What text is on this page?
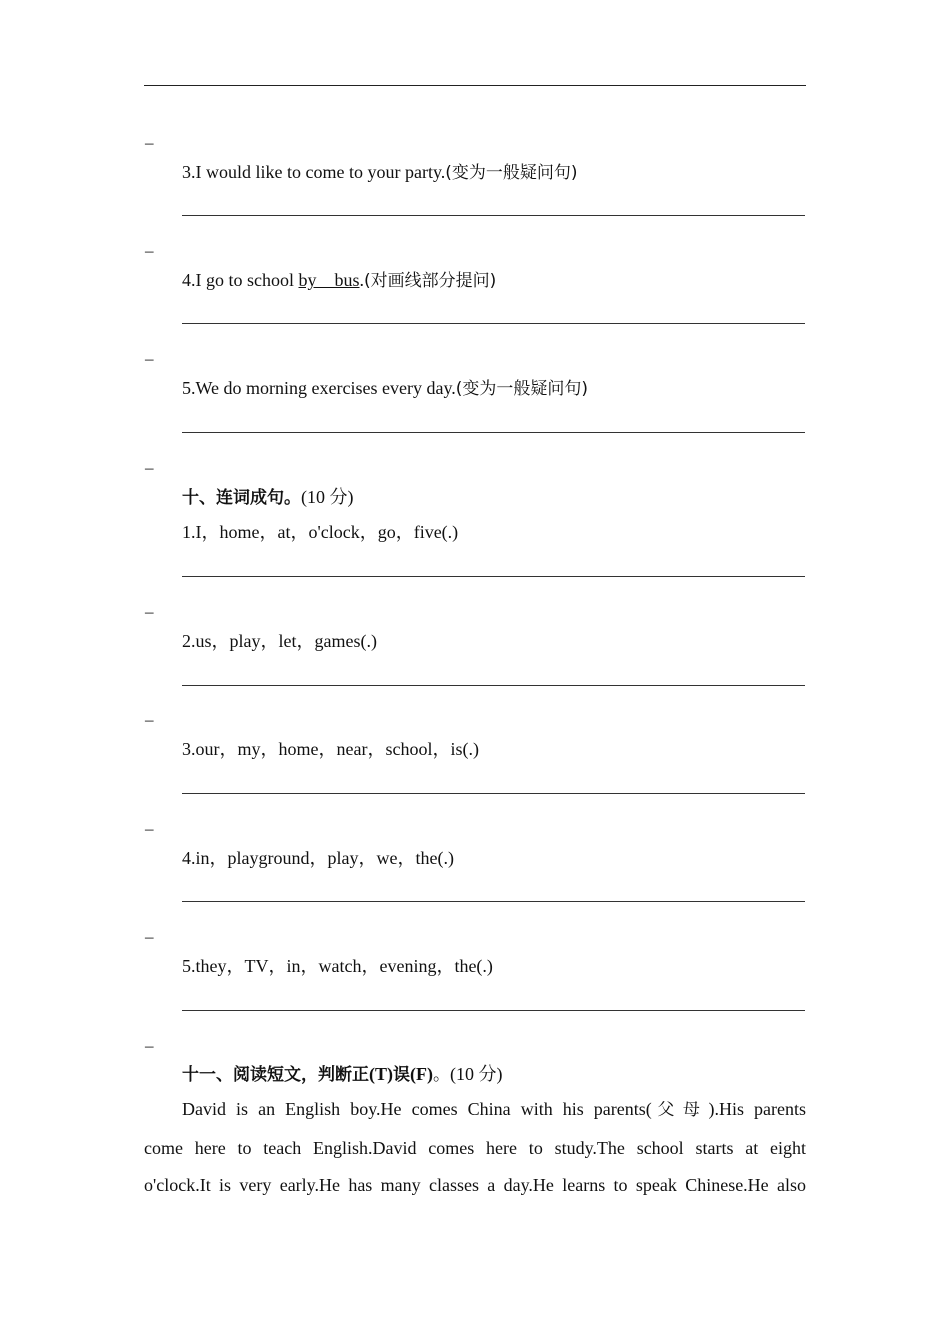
–
3.I would like to come to your party.(变为一般疑问句)
–
4.I go to school by    bus.(对画线部分提问)
–
5.We do morning exercises every day.(变为一般疑问句)
–
十、连词成句。(10 分)
1.I，home，at，o'clock，go，five(.)
–
2.us，play，let，games(.)
–
3.our，my，home，near，school，is(.)
–
4.in，playground，play，we，the(.)
–
5.they，TV，in，watch，evening，the(.)
–
十一、阅读短文，判断正(T)误(F)。(10 分)

David is an English boy.He comes China with his parents(父母).His parents

come here to teach English.David comes here to study.The school starts at eight
o'clock.It is very early.He has many classes a day.He learns to speak Chinese.He also
